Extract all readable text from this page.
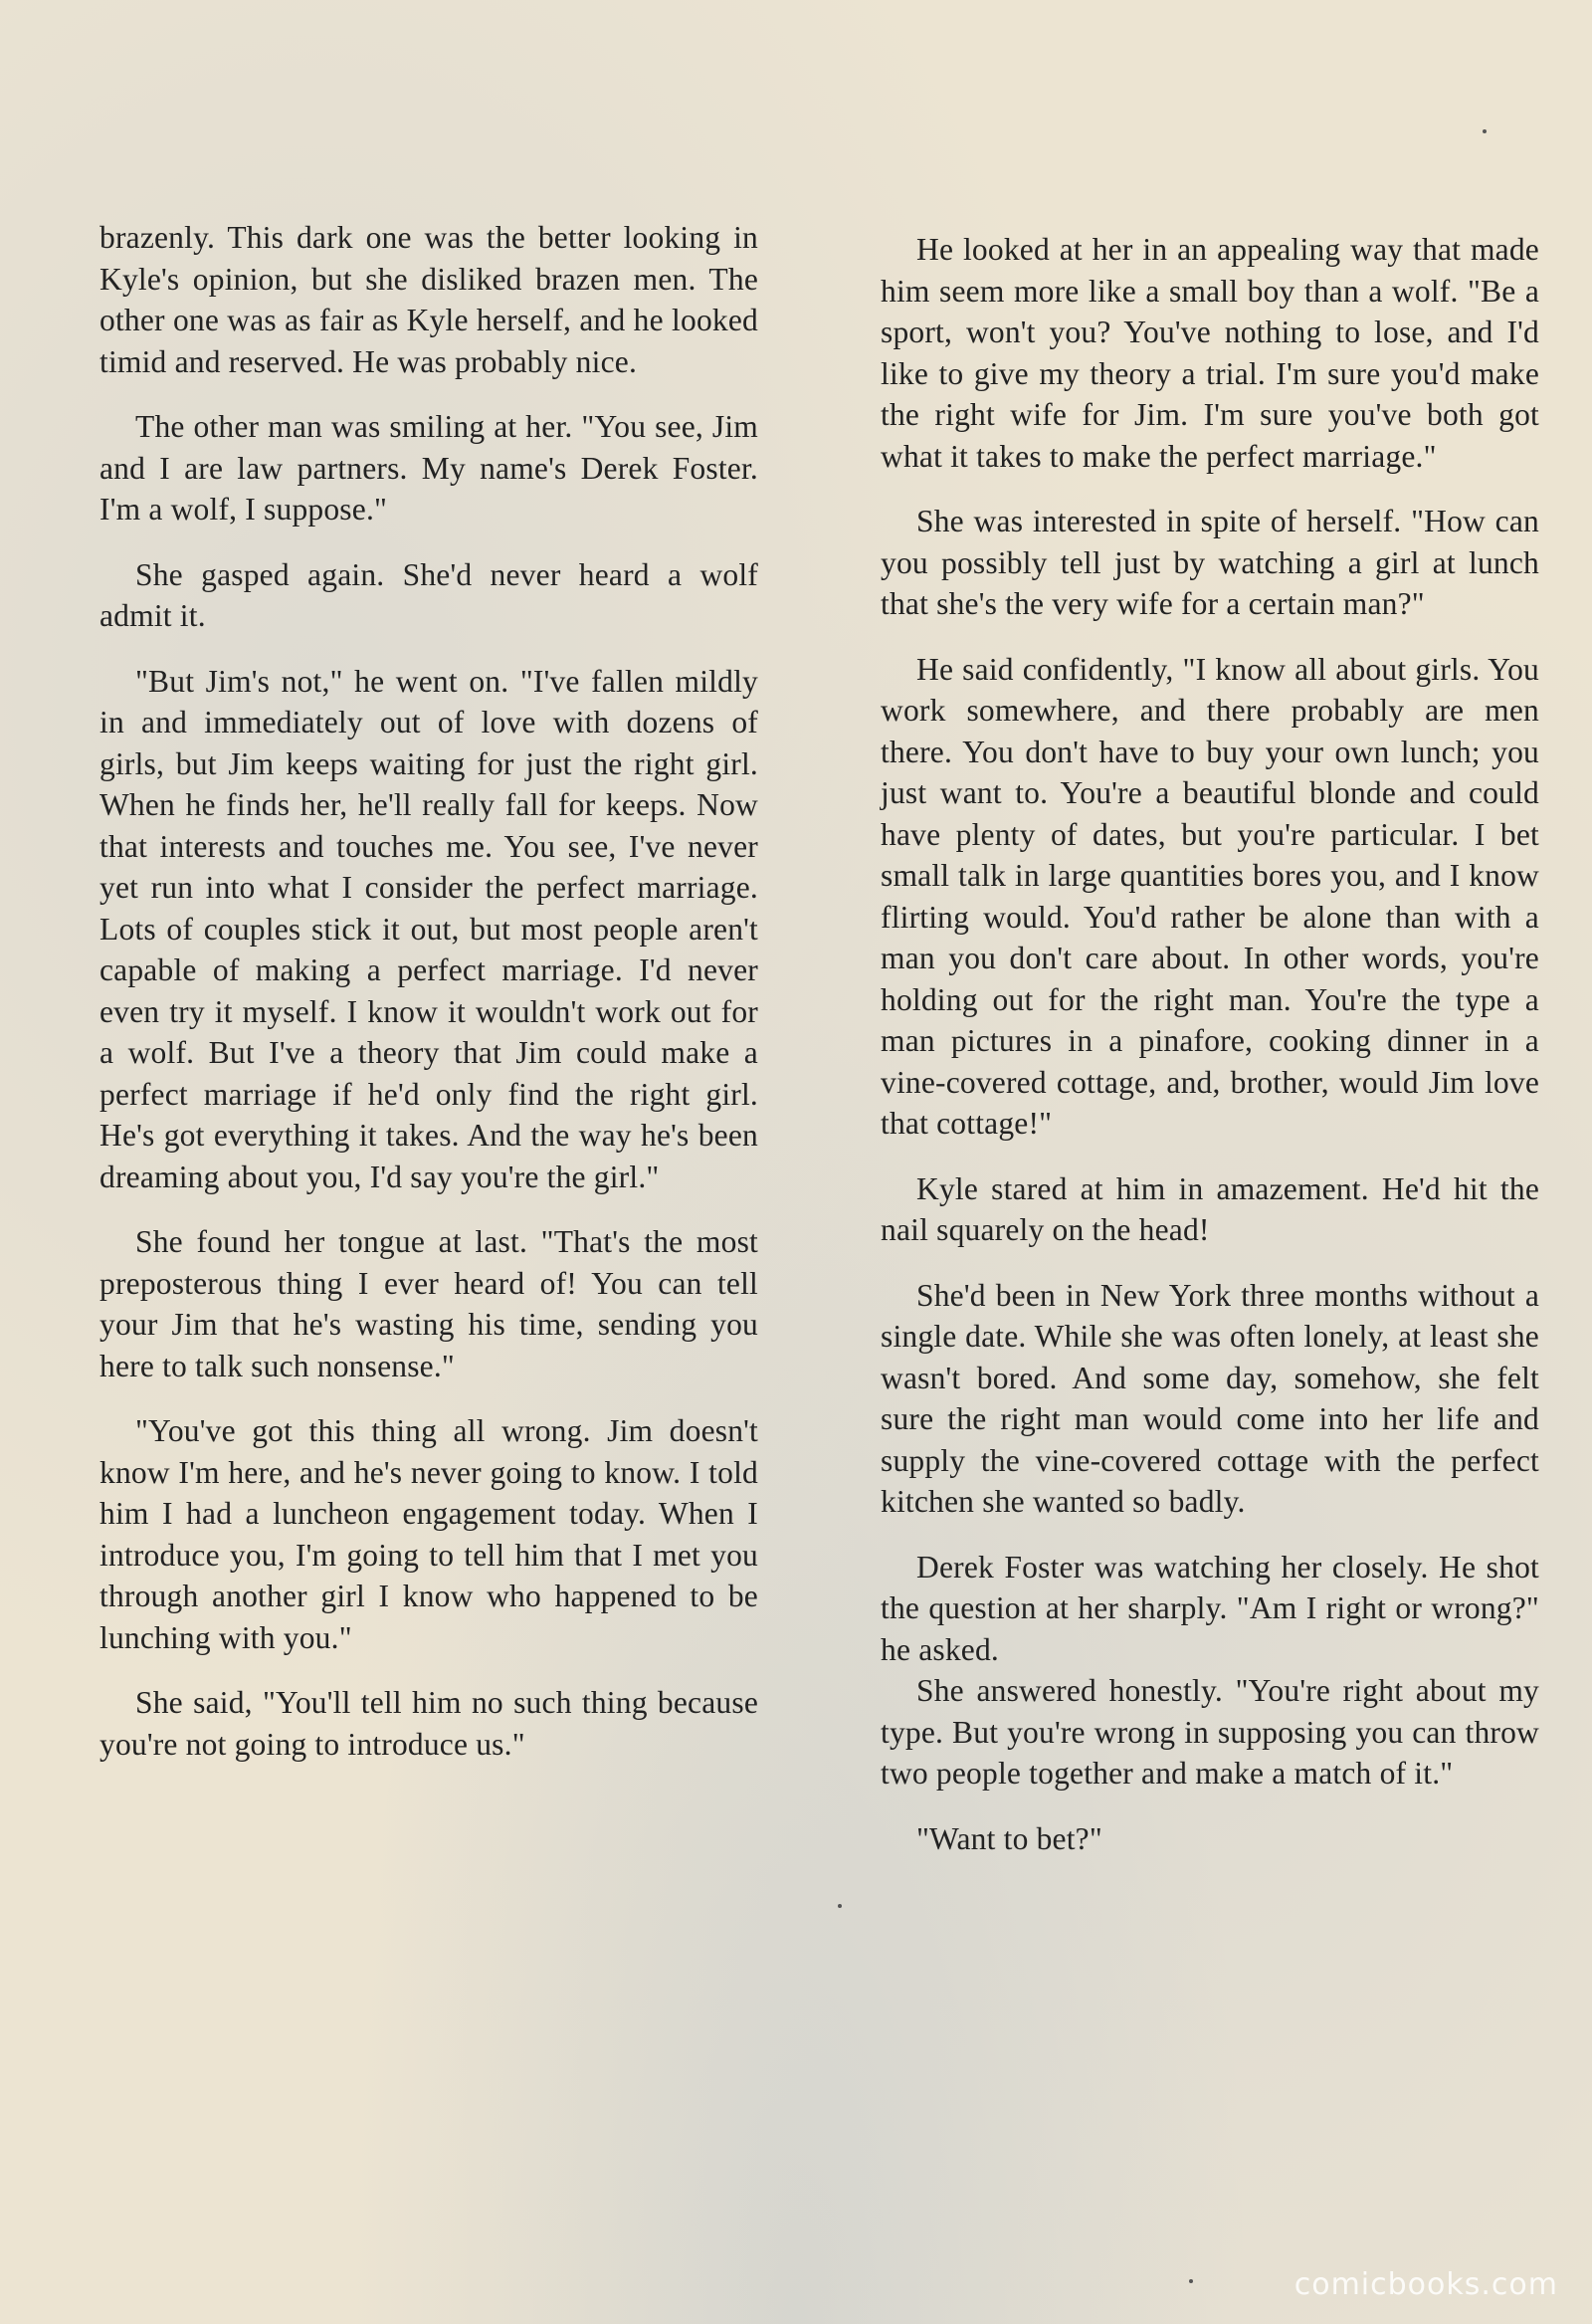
brazenly. This dark one was the better looking in Kyle's opinion, but she disliked brazen men. The other one was as fair as Kyle herself, and he looked timid and reserved. He was probably nice.

The other man was smiling at her. "You see, Jim and I are law partners. My name's Derek Foster. I'm a wolf, I suppose."

She gasped again. She'd never heard a wolf admit it.

"But Jim's not," he went on. "I've fallen mildly in and immediately out of love with dozens of girls, but Jim keeps waiting for just the right girl. When he finds her, he'll really fall for keeps. Now that interests and touches me. You see, I've never yet run into what I consider the perfect marriage. Lots of couples stick it out, but most people aren't capable of making a perfect marriage. I'd never even try it myself. I know it wouldn't work out for a wolf. But I've a theory that Jim could make a perfect marriage if he'd only find the right girl. He's got everything it takes. And the way he's been dreaming about you, I'd say you're the girl."

She found her tongue at last. "That's the most preposterous thing I ever heard of! You can tell your Jim that he's wasting his time, sending you here to talk such nonsense."

"You've got this thing all wrong. Jim doesn't know I'm here, and he's never going to know. I told him I had a luncheon engagement today. When I introduce you, I'm going to tell him that I met you through another girl I know who happened to be lunching with you."

She said, "You'll tell him no such thing because you're not going to introduce us."

He looked at her in an appealing way that made him seem more like a small boy than a wolf. "Be a sport, won't you? You've nothing to lose, and I'd like to give my theory a trial. I'm sure you'd make the right wife for Jim. I'm sure you've both got what it takes to make the perfect marriage."

She was interested in spite of herself. "How can you possibly tell just by watching a girl at lunch that she's the very wife for a certain man?"

He said confidently, "I know all about girls. You work somewhere, and there probably are men there. You don't have to buy your own lunch; you just want to. You're a beautiful blonde and could have plenty of dates, but you're particular. I bet small talk in large quantities bores you, and I know flirting would. You'd rather be alone than with a man you don't care about. In other words, you're holding out for the right man. You're the type a man pictures in a pinafore, cooking dinner in a vine-covered cottage, and, brother, would Jim love that cottage!"

Kyle stared at him in amazement. He'd hit the nail squarely on the head!

She'd been in New York three months without a single date. While she was often lonely, at least she wasn't bored. And some day, somehow, she felt sure the right man would come into her life and supply the vine-covered cottage with the perfect kitchen she wanted so badly.

Derek Foster was watching her closely. He shot the question at her sharply. "Am I right or wrong?" he asked.

She answered honestly. "You're right about my type. But you're wrong in supposing you can throw two people together and make a match of it."

"Want to bet?"

comicbooks.com
